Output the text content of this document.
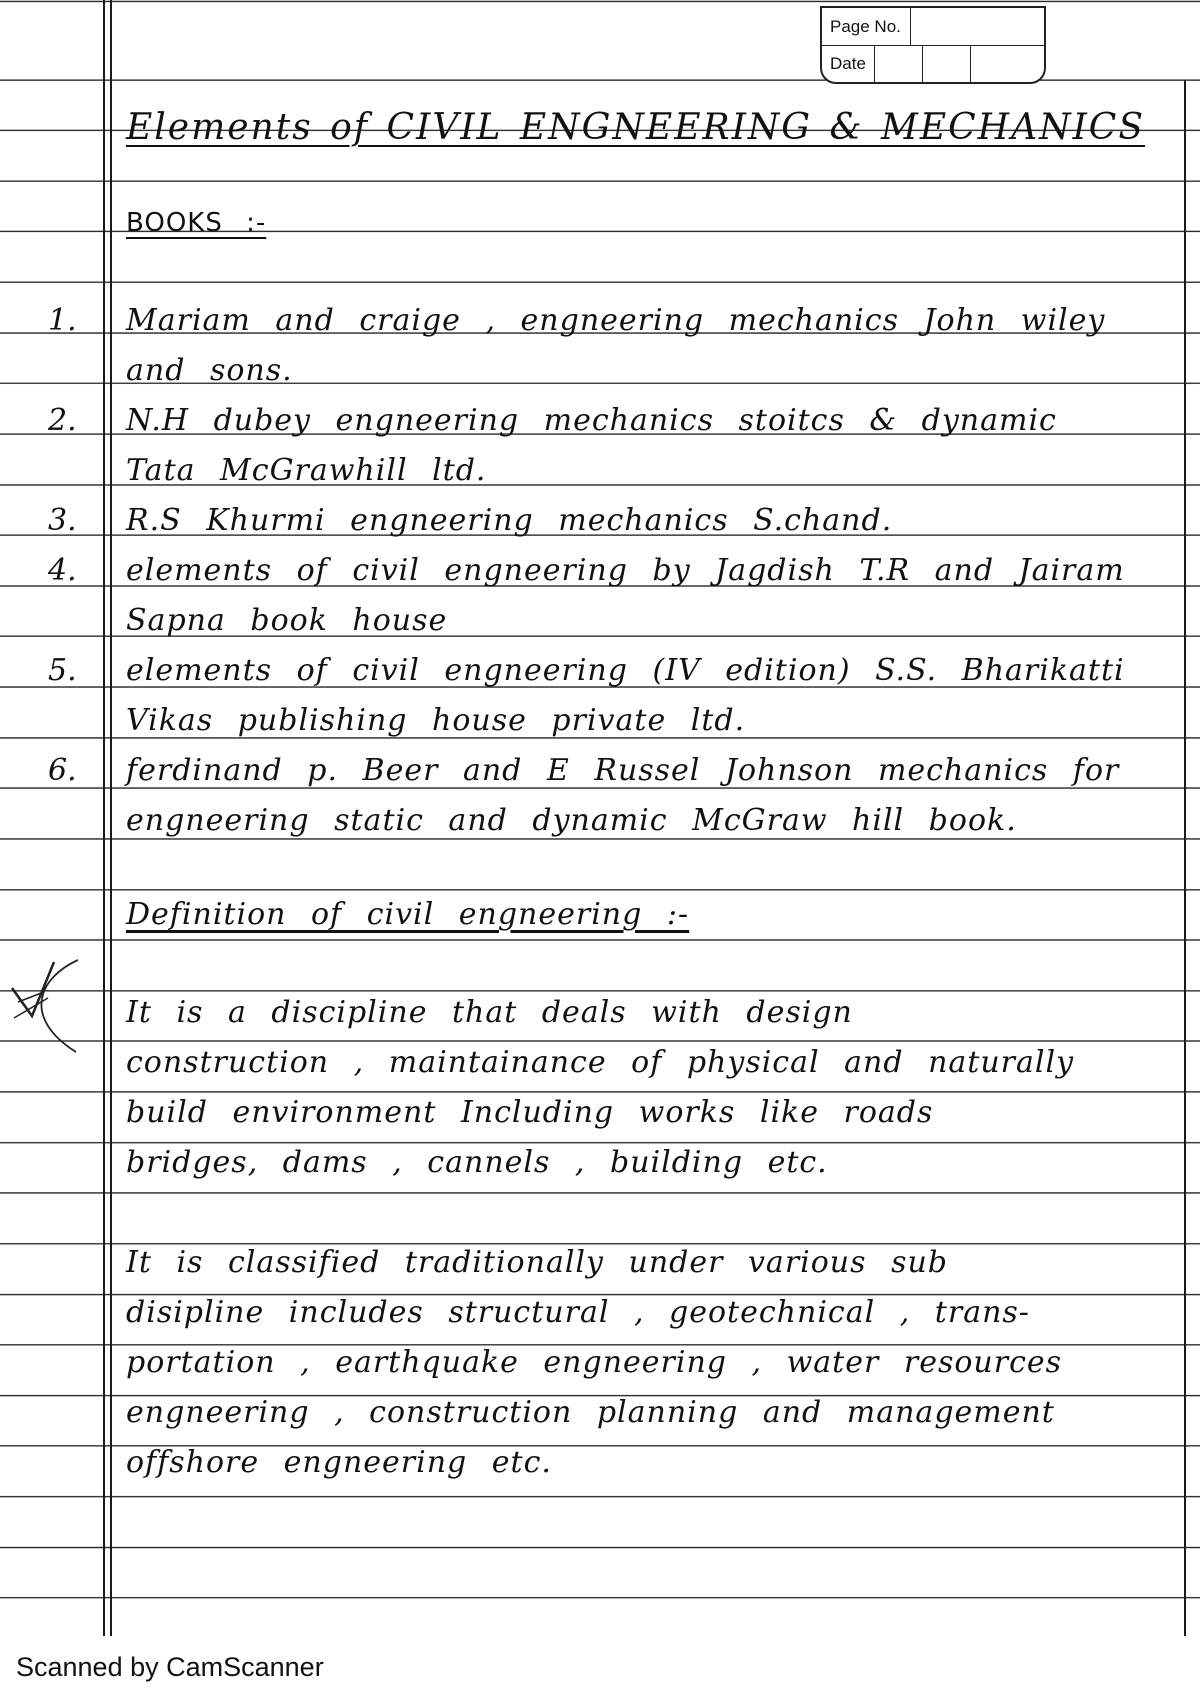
Page No.
Date
Elements of CIVIL ENGNEERING & MECHANICS
BOOKS :-
1. Mariam and craige , engneering mechanics John wiley
and sons.
2. N.H dubey engneering mechanics stoitcs & dynamic
Tata McGrawhill ltd.
3. R.S Khurmi engneering mechanics S.chand.
4. elements of civil engneering by Jagdish T.R and Jairam
Sapna book house
5. elements of civil engneering (IV edition) S.S. Bharikatti
Vikas publishing house private ltd.
6. ferdinand p. Beer and E Russel Johnson mechanics for
engneering static and dynamic McGraw hill book.
Definition of civil engneering :-
It is a discipline that deals with design
construction , maintainance of physical and naturally
build environment Including works like roads
bridges, dams , cannels , building etc.
It is classified traditionally under various sub
disipline includes structural , geotechnical , trans-
portation , earthquake engneering , water resources
engneering , construction planning and management
offshore engneering etc.
Scanned by CamScanner
